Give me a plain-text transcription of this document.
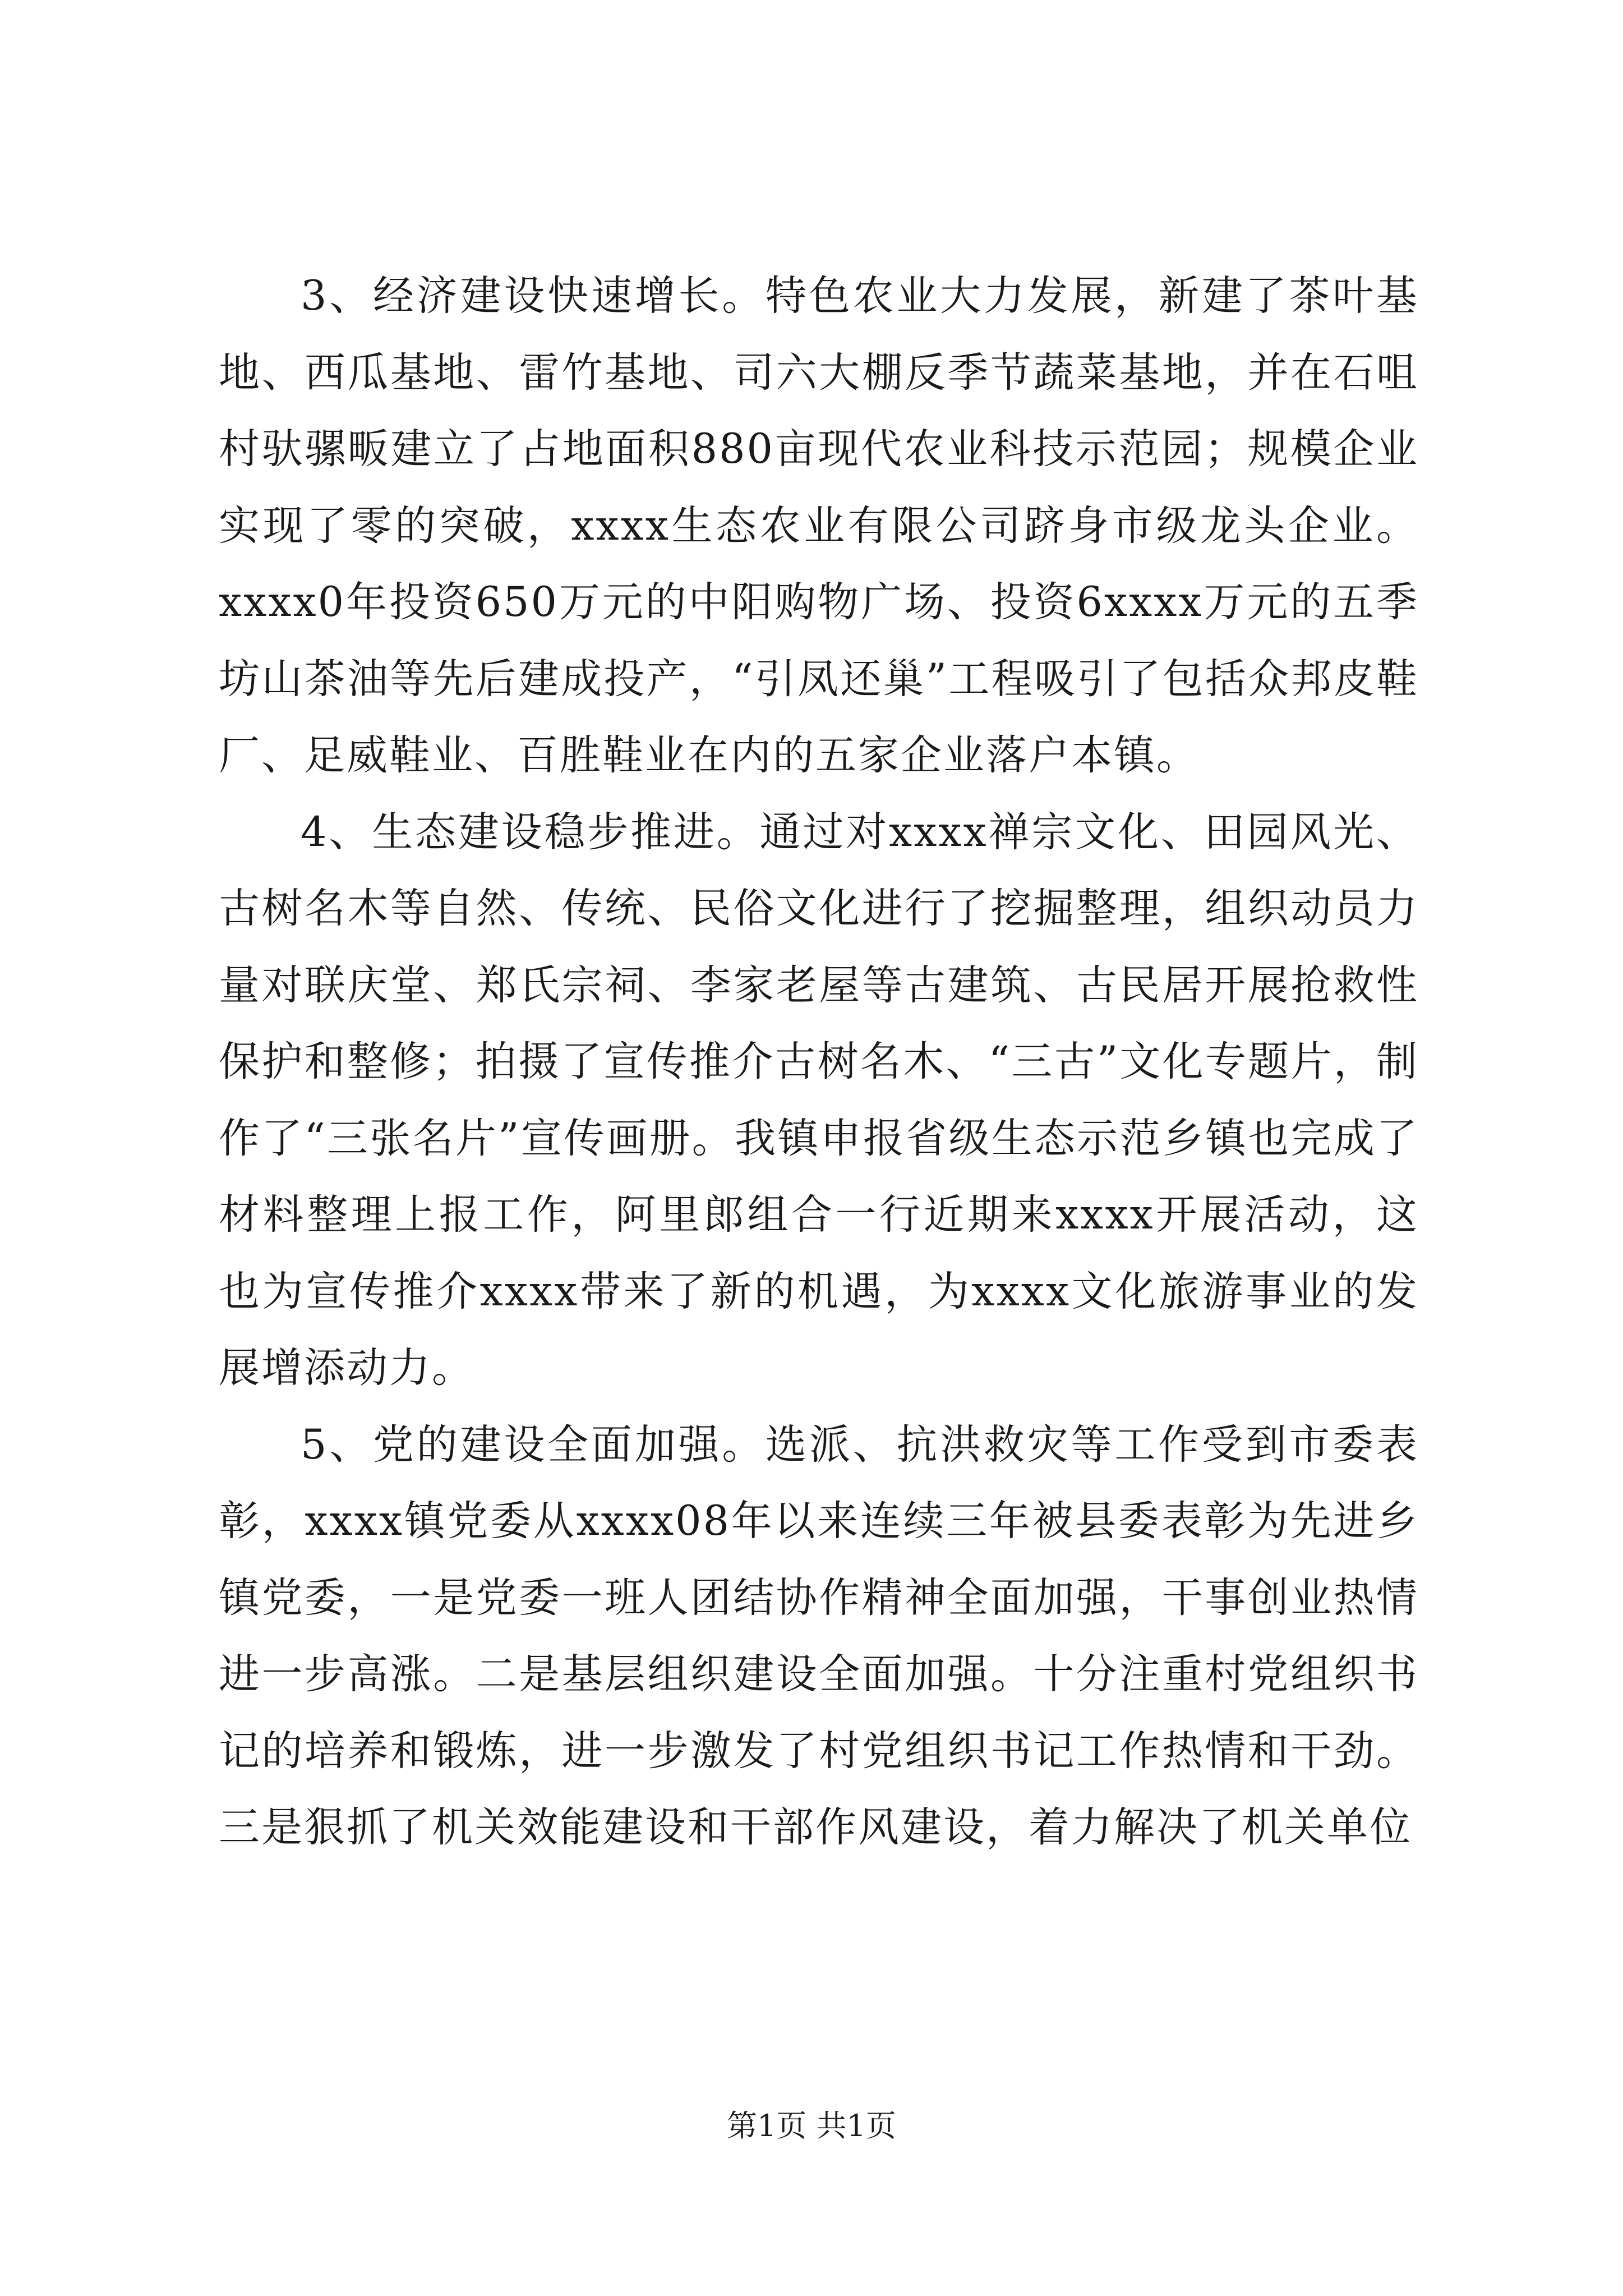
3、经济建设快速增长。特色农业大力发展，新建了茶叶基地、西瓜基地、雷竹基地、司六大棚反季节蔬菜基地，并在石咀村驮骡畈建立了占地面积880亩现代农业科技示范园；规模企业实现了零的突破，xxxx生态农业有限公司跻身市级龙头企业。xxxx0年投资650万元的中阳购物广场、投资6xxxx万元的五季坊山茶油等先后建成投产，“引凤还巢”工程吸引了包括众邦皮鞋厂、足威鞋业、百胜鞋业在内的五家企业落户本镇。

4、生态建设稳步推进。通过对xxxx禅宗文化、田园风光、古树名木等自然、传统、民俗文化进行了挖掘整理，组织动员力量对联庆堂、郑氏宗祠、李家老屋等古建筑、古民居开展抢救性保护和整修；拍摄了宣传推介古树名木、“三古”文化专题片，制作了“三张名片”宣传画册。我镇申报省级生态示范乡镇也完成了材料整理上报工作，阿里郎组合一行近期来xxxx开展活动，这也为宣传推介xxxx带来了新的机遇，为xxxx文化旅游事业的发展增添动力。

5、党的建设全面加强。选派、抗洪救灾等工作受到市委表彰，xxxx镇党委从xxxx08年以来连续三年被县委表彰为先进乡镇党委，一是党委一班人团结协作精神全面加强，干事创业热情进一步高涨。二是基层组织建设全面加强。十分注重村党组织书记的培养和锻炼，进一步激发了村党组织书记工作热情和干劲。三是狠抓了机关效能建设和干部作风建设，着力解决了机关单位

第1页 共1页
